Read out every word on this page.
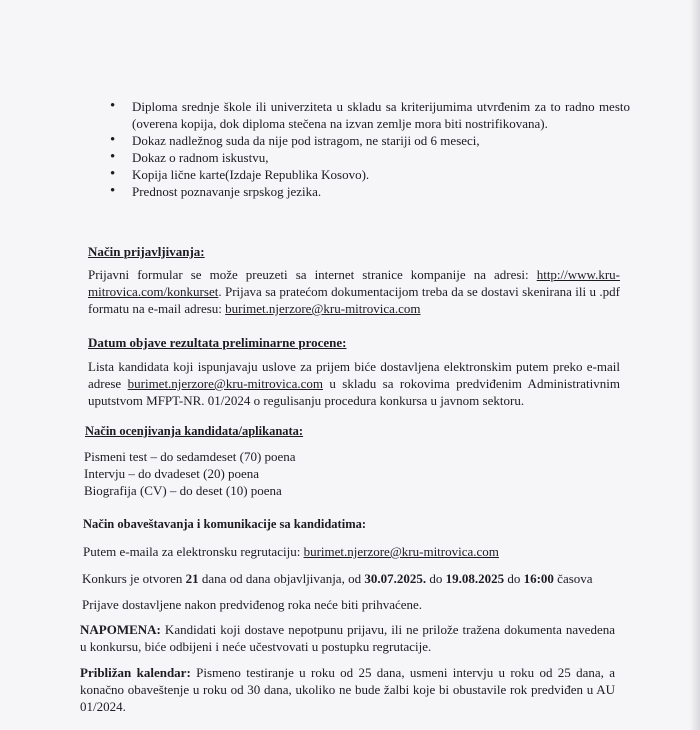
• Diploma srednje škole ili univerziteta u skladu sa kriterijumima utvrđenim za to radno mesto (overena kopija, dok diploma stečena na izvan zemlje mora biti nostrifikovana).
• Dokaz nadležnog suda da nije pod istragom, ne stariji od 6 meseci,
• Dokaz o radnom iskustvu,
• Kopija lične karte(Izdaje Republika Kosovo).
• Prednost poznavanje srpskog jezika.
Način prijavljivanja:
Prijavni formular se može preuzeti sa internet stranice kompanije na adresi: http://www.kru-mitrovica.com/konkurset. Prijava sa pratećom dokumentacijom treba da se dostavi skenirana ili u .pdf formatu na e-mail adresu: burimet.njerzore@kru-mitrovica.com
Datum objave rezultata preliminarne procene:
Lista kandidata koji ispunjavaju uslove za prijem biće dostavljena elektronskim putem preko e-mail adrese burimet.njerzore@kru-mitrovica.com u skladu sa rokovima predviđenim Administrativnim uputstvom MFPT-NR. 01/2024 o regulisanju procedura konkursa u javnom sektoru.
Način ocenjivanja kandidata/aplikanata:
Pismeni test – do sedamdeset (70) poena
Intervju – do dvadeset (20) poena
Biografija (CV) – do deset (10) poena
Način obaveštavanja i komunikacije sa kandidatima:
Putem e-maila za elektronsku regrutaciju: burimet.njerzore@kru-mitrovica.com
Konkurs je otvoren 21 dana od dana objavljivanja, od 30.07.2025. do 19.08.2025 do 16:00 časova
Prijave dostavljene nakon predviđenog roka neće biti prihvaćene.
NAPOMENA: Kandidati koji dostave nepotpunu prijavu, ili ne prilože tražena dokumenta navedena u konkursu, biće odbijeni i neće učestvovati u postupku regrutacije.
Približan kalendar: Pismeno testiranje u roku od 25 dana, usmeni intervju u roku od 25 dana, a konačno obaveštenje u roku od 30 dana, ukoliko ne bude žalbi koje bi obustavile rok predviđen u AU 01/2024.
